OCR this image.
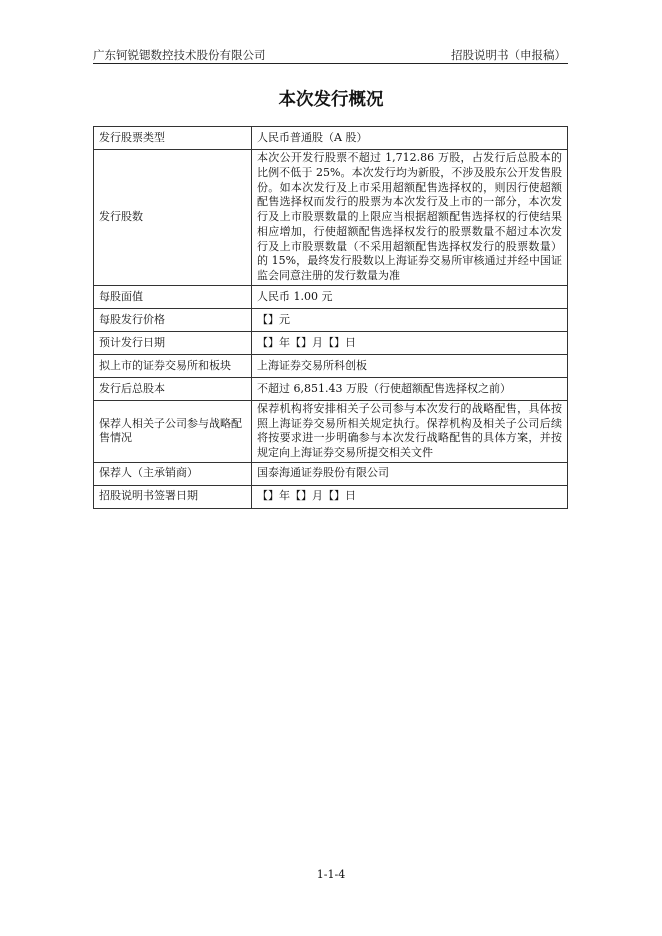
广东钶锐锶数控技术股份有限公司	招股说明书（申报稿）
本次发行概况
发行股票类型	人民币普通股（A 股）
发行股数	本次公开发行股票不超过 1,712.86 万股，占发行后总股本的比例不低于 25%。本次发行均为新股，不涉及股东公开发售股份。如本次发行及上市采用超额配售选择权的，则因行使超额配售选择权而发行的股票为本次发行及上市的一部分，本次发行及上市股票数量的上限应当根据超额配售选择权的行使结果相应增加，行使超额配售选择权发行的股票数量不超过本次发行及上市股票数量（不采用超额配售选择权发行的股票数量）的 15%，最终发行股数以上海证券交易所审核通过并经中国证监会同意注册的发行数量为准
每股面值	人民币 1.00 元
每股发行价格	【】元
预计发行日期	【】年【】月【】日
拟上市的证券交易所和板块	上海证券交易所科创板
发行后总股本	不超过 6,851.43 万股（行使超额配售选择权之前）
保荐人相关子公司参与战略配售情况	保荐机构将安排相关子公司参与本次发行的战略配售，具体按照上海证券交易所相关规定执行。保荐机构及相关子公司后续将按要求进一步明确参与本次发行战略配售的具体方案，并按规定向上海证券交易所提交相关文件
保荐人（主承销商）	国泰海通证券股份有限公司
招股说明书签署日期	【】年【】月【】日
1-1-4
